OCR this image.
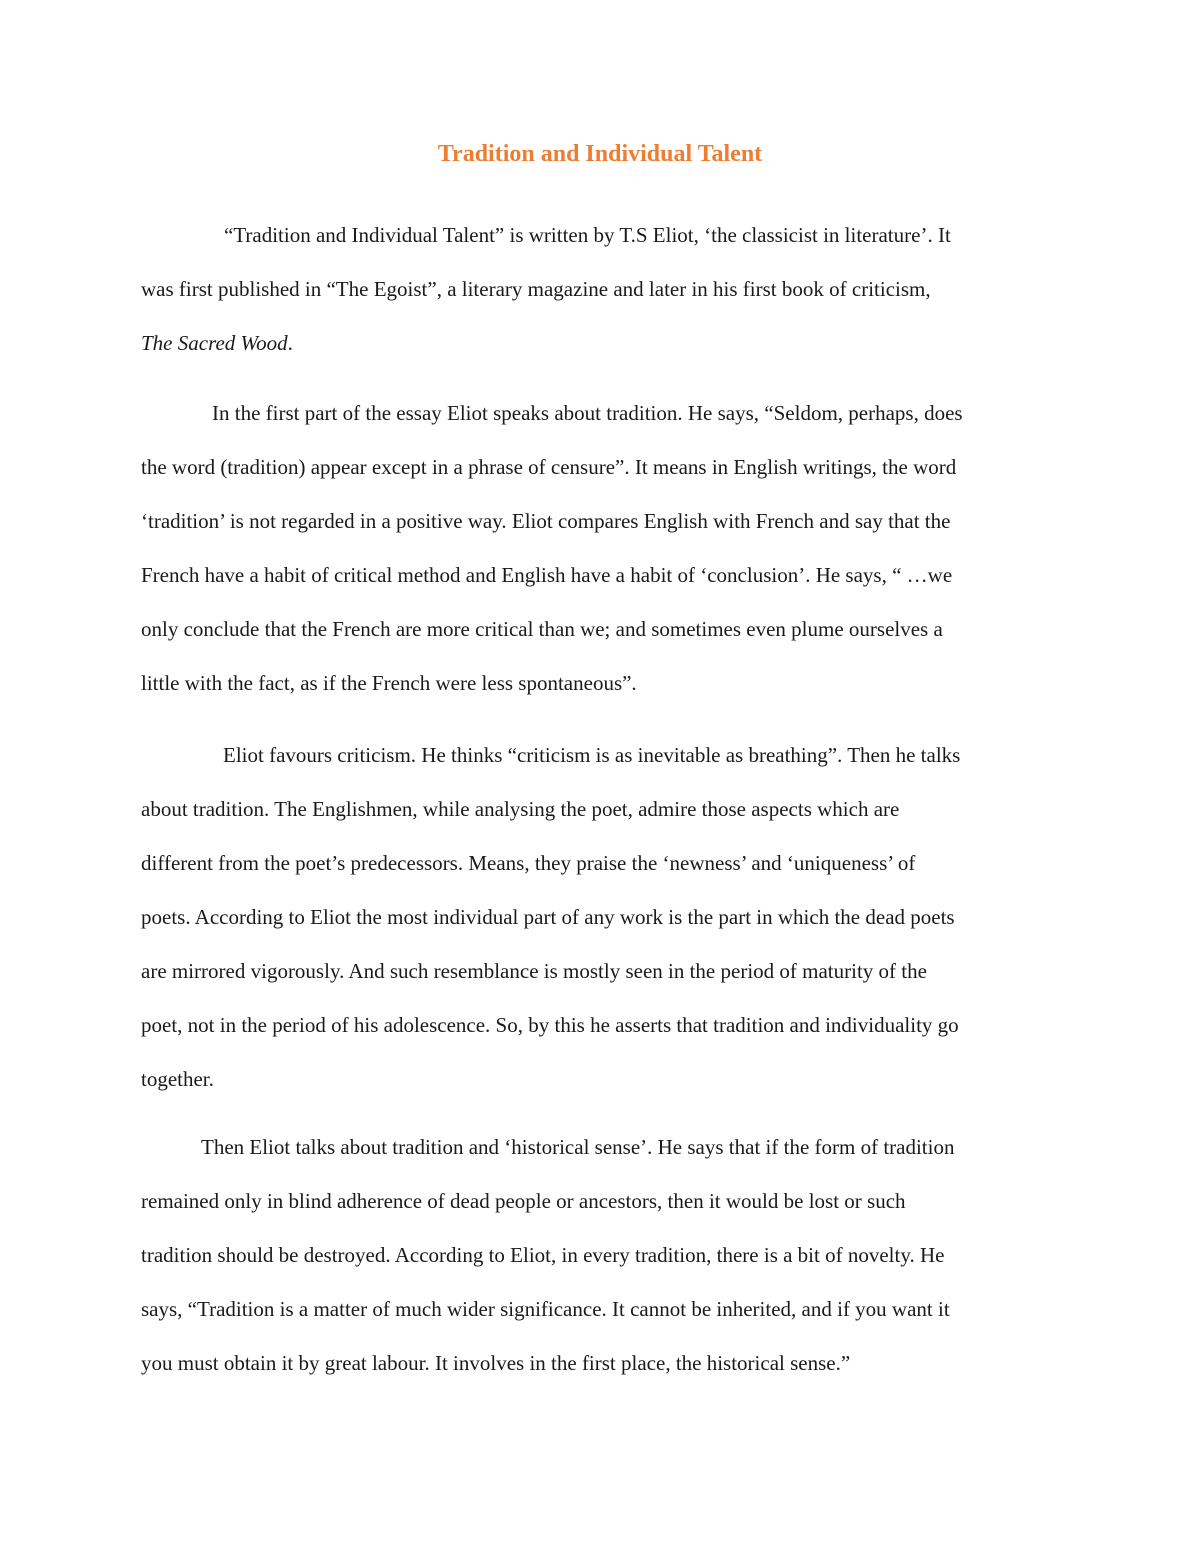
Tradition and Individual Talent

“Tradition and Individual Talent” is written by T.S Eliot, ‘the classicist in literature’. It
was first published in “The Egoist”, a literary magazine and later in his first book of criticism,
The Sacred Wood.

In the first part of the essay Eliot speaks about tradition. He says, “Seldom, perhaps, does
the word (tradition) appear except in a phrase of censure”. It means in English writings, the word
‘tradition’ is not regarded in a positive way. Eliot compares English with French and say that the
French have a habit of critical method and English have a habit of ‘conclusion’. He says, “ …we
only conclude that the French are more critical than we; and sometimes even plume ourselves a
little with the fact, as if the French were less spontaneous”.

Eliot favours criticism. He thinks “criticism is as inevitable as breathing”. Then he talks
about tradition. The Englishmen, while analysing the poet, admire those aspects which are
different from the poet’s predecessors. Means, they praise the ‘newness’ and ‘uniqueness’ of
poets. According to Eliot the most individual part of any work is the part in which the dead poets
are mirrored vigorously. And such resemblance is mostly seen in the period of maturity of the
poet, not in the period of his adolescence. So, by this he asserts that tradition and individuality go
together.

Then Eliot talks about tradition and ‘historical sense’. He says that if the form of tradition
remained only in blind adherence of dead people or ancestors, then it would be lost or such
tradition should be destroyed. According to Eliot, in every tradition, there is a bit of novelty. He
says, “Tradition is a matter of much wider significance. It cannot be inherited, and if you want it
you must obtain it by great labour. It involves in the first place, the historical sense.”
